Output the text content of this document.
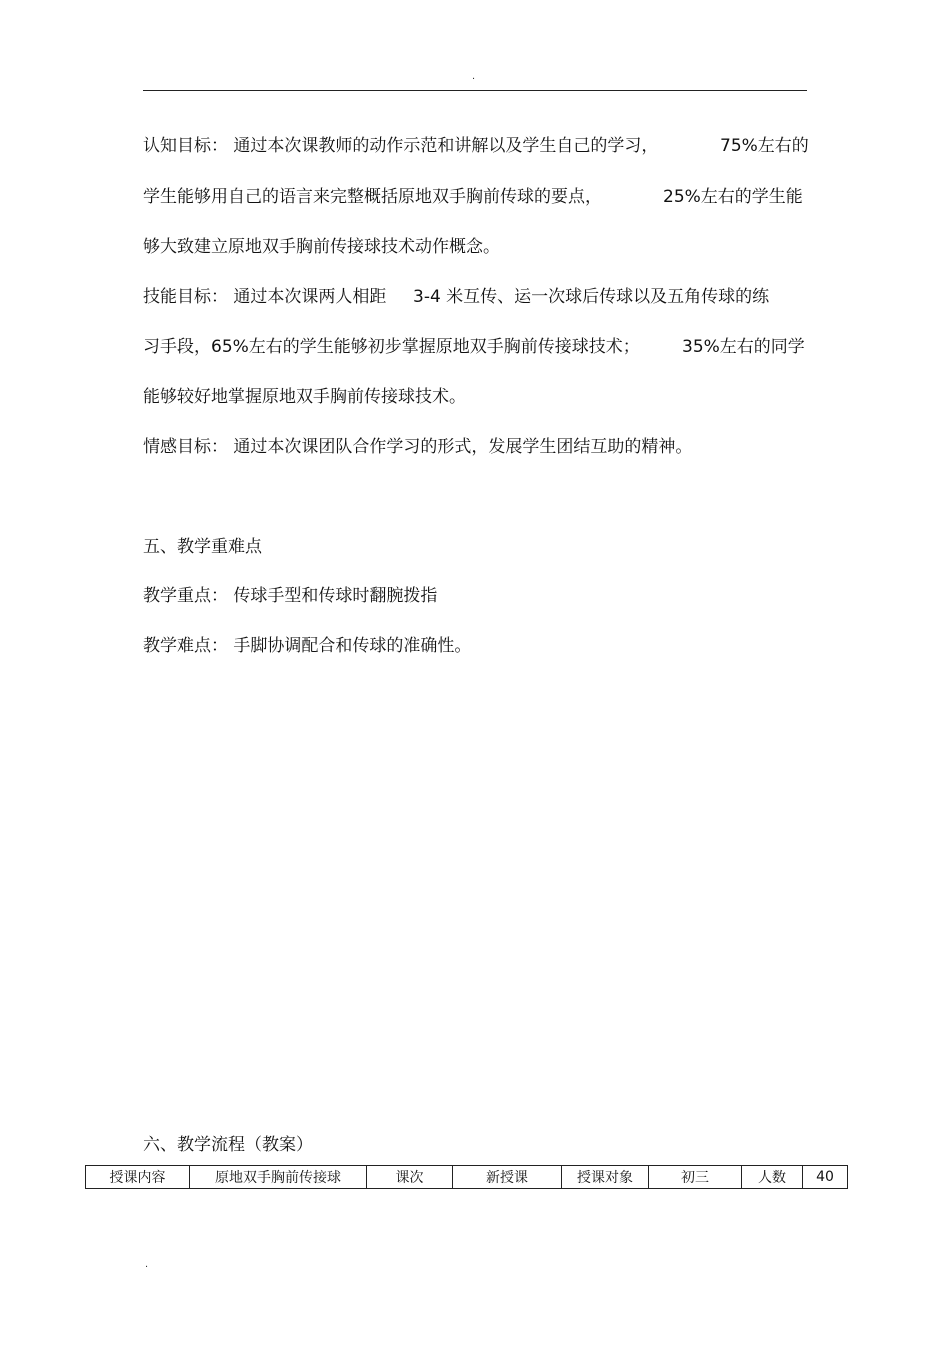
.
认知目标： 通过本次课教师的动作示范和讲解以及学生自己的学习，	75%左右的
学生能够用自己的语言来完整概括原地双手胸前传球的要点，	25%左右的学生能
够大致建立原地双手胸前传接球技术动作概念。
技能目标： 通过本次课两人相距 3-4 米互传、运一次球后传球以及五角传球的练
习手段，65%左右的学生能够初步掌握原地双手胸前传接球技术； 35%左右的同学
能够较好地掌握原地双手胸前传接球技术。
情感目标： 通过本次课团队合作学习的形式，发展学生团结互助的精神。
五、教学重难点
教学重点： 传球手型和传球时翻腕拨指
教学难点： 手脚协调配合和传球的准确性。
六、教学流程（教案）
授课内容	原地双手胸前传接球	课次	新授课	授课对象	初三	人数	40
.
